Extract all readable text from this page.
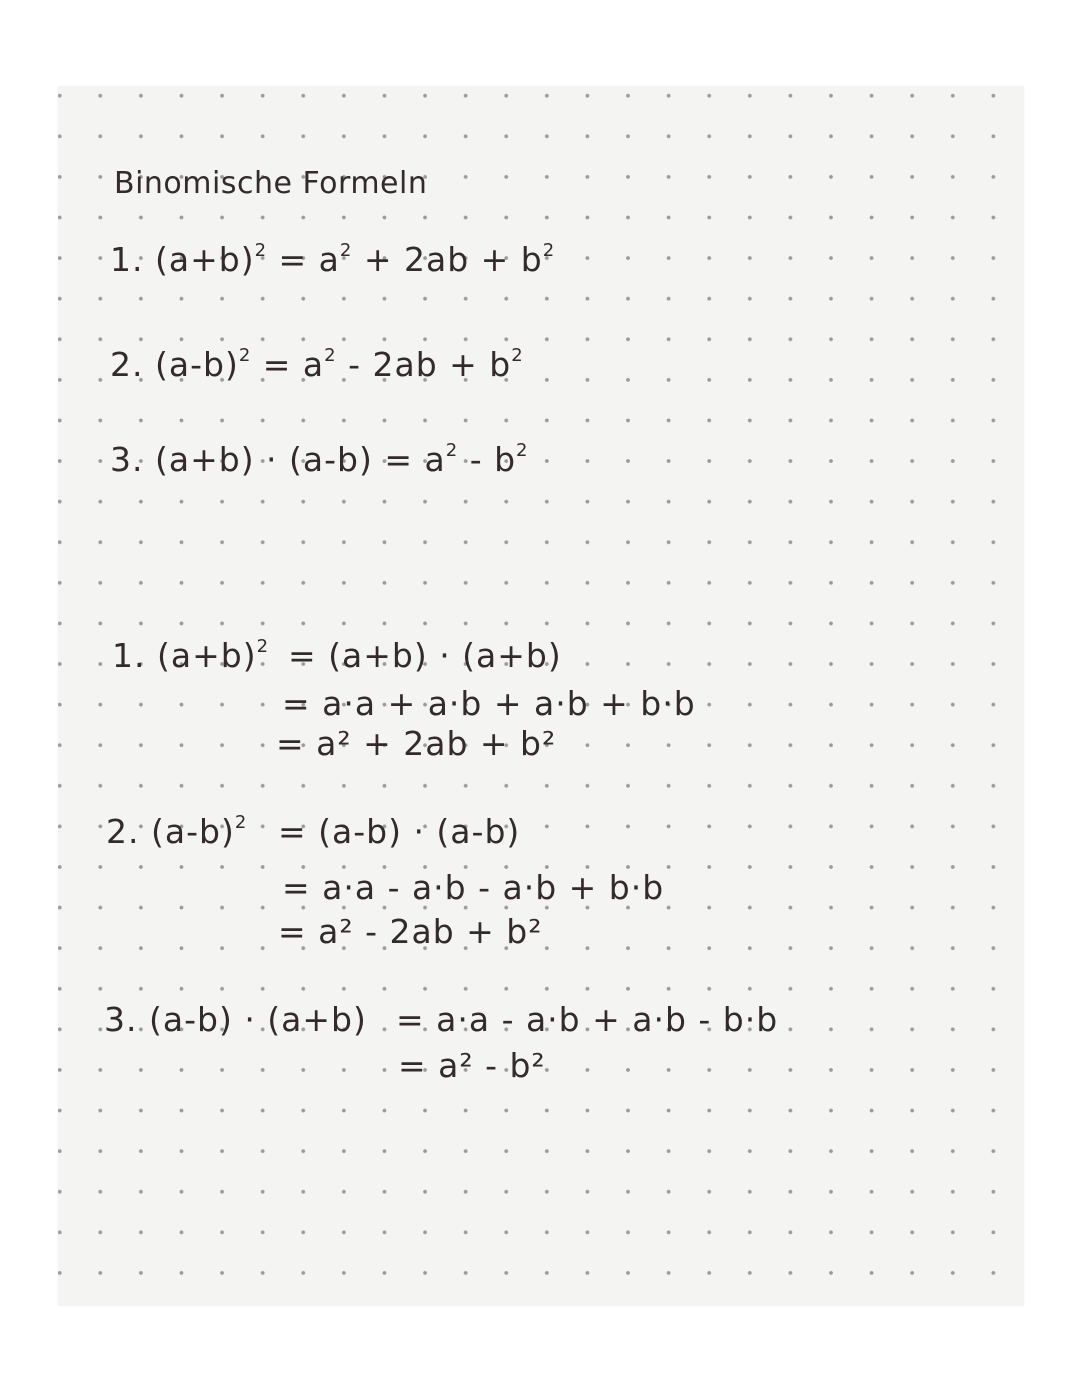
Binomische Formeln
1. $(a+b)^2 = a^2 + 2ab + b^2$
2. $(a-b)^2 = a^2 - 2ab + b^2$
3. $(a+b) \cdot (a-b) = a^2 - b^2$
1. $(a+b)^2 = (a+b) \cdot (a+b)$
= a·a + a·b + a·b + b·b
= a² + 2ab + b²
2. $(a-b)^2 = (a-b) \cdot (a-b)$
= a·a - a·b - a·b + b·b
= a² - 2ab + b²
3. (a-b) · (a+b) = a·a - a·b + a·b - b·b
= a² - b²
